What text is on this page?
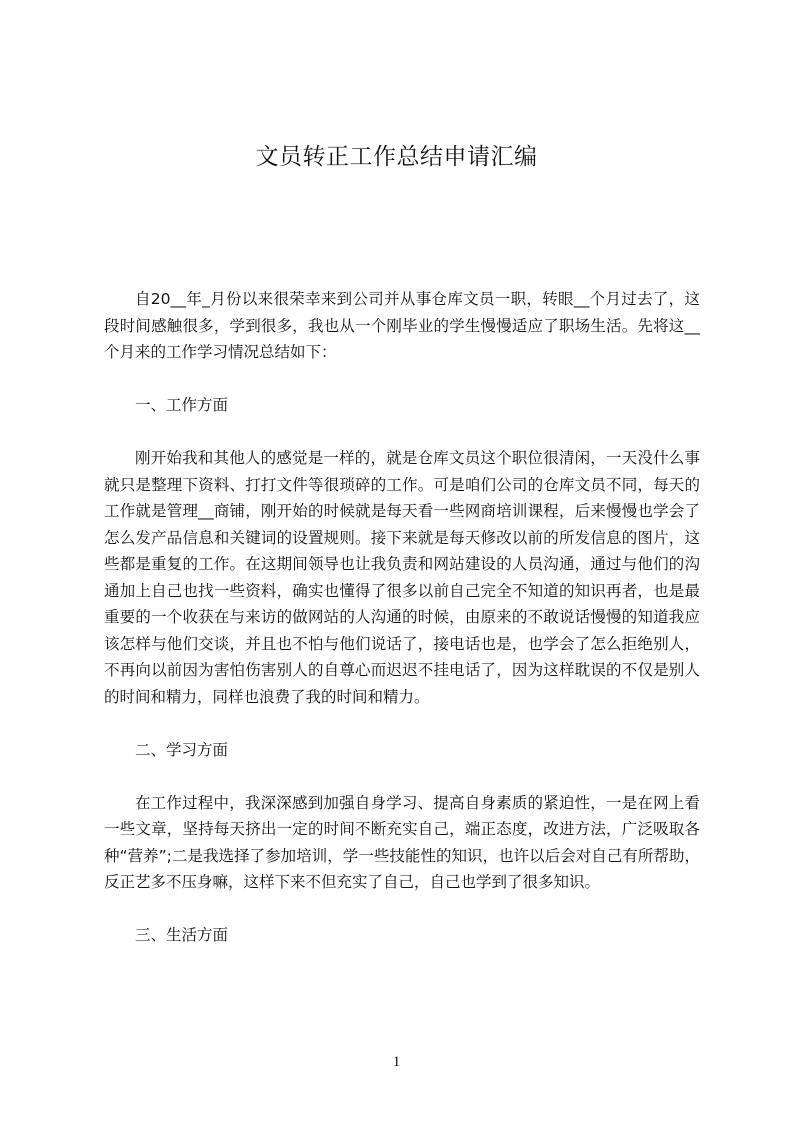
文员转正工作总结申请汇编

自20__年_月份以来很荣幸来到公司并从事仓库文员一职，转眼__个月过去了，这段时间感触很多，学到很多，我也从一个刚毕业的学生慢慢适应了职场生活。先将这__个月来的工作学习情况总结如下：

一、工作方面

刚开始我和其他人的感觉是一样的，就是仓库文员这个职位很清闲，一天没什么事就只是整理下资料、打打文件等很琐碎的工作。可是咱们公司的仓库文员不同，每天的工作就是管理__商铺，刚开始的时候就是每天看一些网商培训课程，后来慢慢也学会了怎么发产品信息和关键词的设置规则。接下来就是每天修改以前的所发信息的图片，这些都是重复的工作。在这期间领导也让我负责和网站建设的人员沟通，通过与他们的沟通加上自己也找一些资料，确实也懂得了很多以前自己完全不知道的知识再者，也是最重要的一个收获在与来访的做网站的人沟通的时候，由原来的不敢说话慢慢的知道我应该怎样与他们交谈，并且也不怕与他们说话了，接电话也是，也学会了怎么拒绝别人，不再向以前因为害怕伤害别人的自尊心而迟迟不挂电话了，因为这样耽误的不仅是别人的时间和精力，同样也浪费了我的时间和精力。

二、学习方面

在工作过程中，我深深感到加强自身学习、提高自身素质的紧迫性，一是在网上看一些文章，坚持每天挤出一定的时间不断充实自己，端正态度，改进方法，广泛吸取各种“营养”;二是我选择了参加培训，学一些技能性的知识，也许以后会对自己有所帮助，反正艺多不压身嘛，这样下来不但充实了自己，自己也学到了很多知识。

三、生活方面

1
